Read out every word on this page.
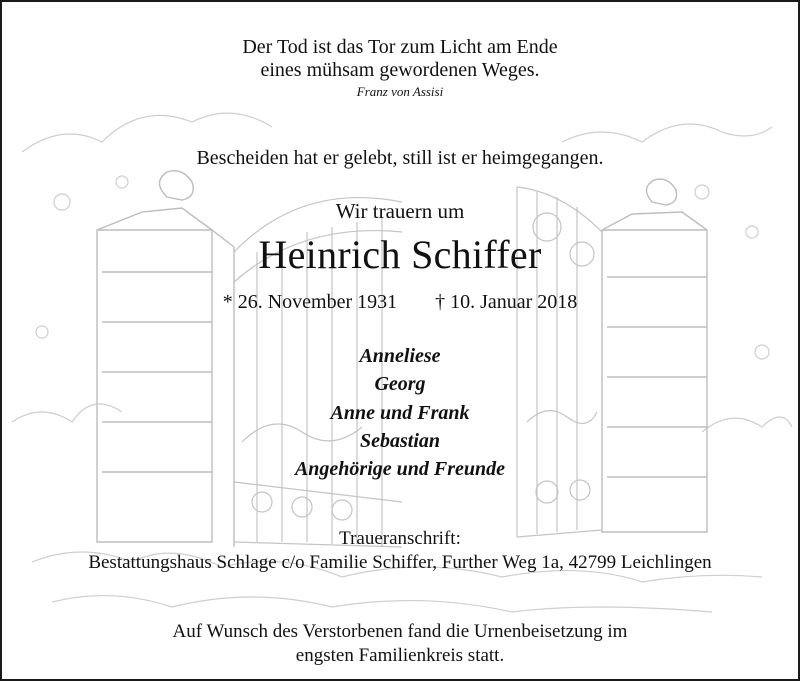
Der Tod ist das Tor zum Licht am Ende
eines mühsam gewordenen Weges.
Franz von Assisi
Bescheiden hat er gelebt, still ist er heimgegangen.
Wir trauern um
Heinrich Schiffer
* 26. November 1931 † 10. Januar 2018
Anneliese
Georg
Anne und Frank
Sebastian
Angehörige und Freunde
Traueranschrift:
Bestattungshaus Schlage c/o Familie Schiffer, Further Weg 1a, 42799 Leichlingen
Auf Wunsch des Verstorbenen fand die Urnenbeisetzung im
engsten Familienkreis statt.
